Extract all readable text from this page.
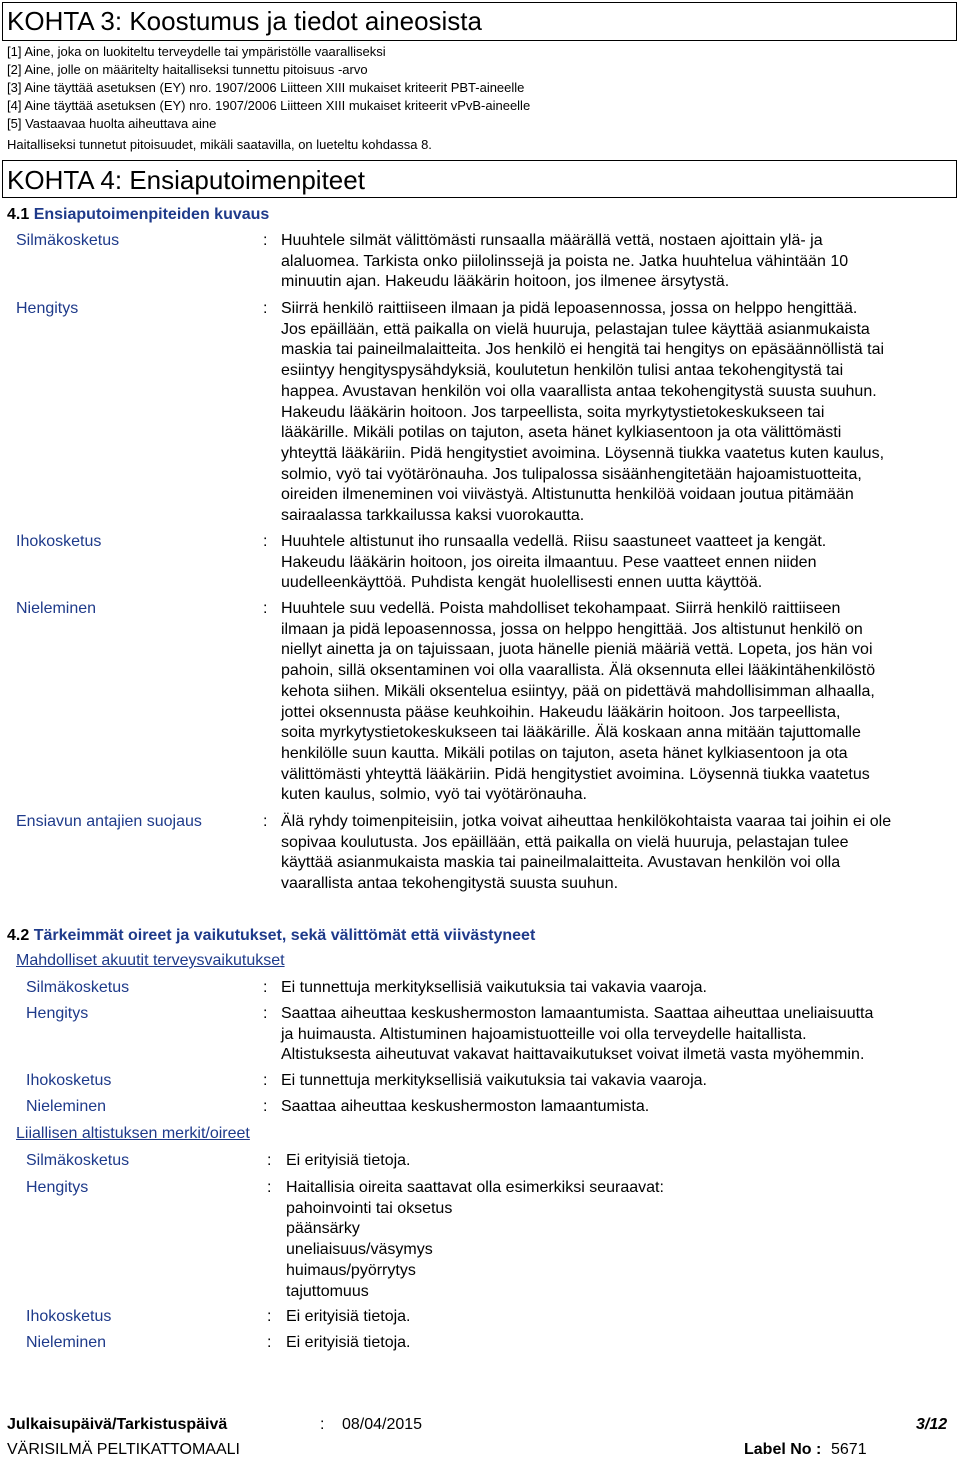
KOHTA 3: Koostumus ja tiedot aineosista
[1] Aine, joka on luokiteltu terveydelle tai ympäristölle vaaralliseksi
[2] Aine, jolle on määritelty haitalliseksi tunnettu pitoisuus -arvo
[3] Aine täyttää asetuksen (EY) nro. 1907/2006 Liitteen XIII mukaiset kriteerit PBT-aineelle
[4] Aine täyttää asetuksen (EY) nro. 1907/2006 Liitteen XIII mukaiset kriteerit vPvB-aineelle
[5] Vastaavaa huolta aiheuttava aine
Haitalliseksi tunnetut pitoisuudet, mikäli saatavilla, on lueteltu kohdassa 8.
KOHTA 4: Ensiaputoimenpiteet
4.1 Ensiaputoimenpiteiden kuvaus
Silmäkosketus	: Huuhtele silmät välittömästi runsaalla määrällä vettä, nostaen ajoittain ylä- ja
alaluomea. Tarkista onko piilolinssejä ja poista ne. Jatka huuhtelua vähintään 10
minuutin ajan. Hakeudu lääkärin hoitoon, jos ilmenee ärsytystä.
Hengitys	: Siirrä henkilö raittiiseen ilmaan ja pidä lepoasennossa, jossa on helppo hengittää.
Jos epäillään, että paikalla on vielä huuruja, pelastajan tulee käyttää asianmukaista
maskia tai paineilmalaitteita. Jos henkilö ei hengitä tai hengitys on epäsäännöllistä tai
esiintyy hengityspysähdyksiä, koulutetun henkilön tulisi antaa tekohengitystä tai
happea. Avustavan henkilön voi olla vaarallista antaa tekohengitystä suusta suuhun.
Hakeudu lääkärin hoitoon. Jos tarpeellista, soita myrkytystietokeskukseen tai
lääkärille. Mikäli potilas on tajuton, aseta hänet kylkiasentoon ja ota välittömästi
yhteyttä lääkäriin. Pidä hengitystiet avoimina. Löysennä tiukka vaatetus kuten kaulus,
solmio, vyö tai vyötärönauha. Jos tulipalossa sisäänhengitetään hajoamistuotteita,
oireiden ilmeneminen voi viivästyä. Altistunutta henkilöä voidaan joutua pitämään
sairaalassa tarkkailussa kaksi vuorokautta.
Ihokosketus	: Huuhtele altistunut iho runsaalla vedellä. Riisu saastuneet vaatteet ja kengät.
Hakeudu lääkärin hoitoon, jos oireita ilmaantuu. Pese vaatteet ennen niiden
uudelleenkäyttöä. Puhdista kengät huolellisesti ennen uutta käyttöä.
Nieleminen	: Huuhtele suu vedellä. Poista mahdolliset tekohampaat. Siirrä henkilö raittiiseen
ilmaan ja pidä lepoasennossa, jossa on helppo hengittää. Jos altistunut henkilö on
niellyt ainetta ja on tajuissaan, juota hänelle pieniä määriä vettä. Lopeta, jos hän voi
pahoin, sillä oksentaminen voi olla vaarallista. Älä oksennuta ellei lääkintähenkilöstö
kehota siihen. Mikäli oksentelua esiintyy, pää on pidettävä mahdollisimman alhaalla,
jottei oksennusta pääse keuhkoihin. Hakeudu lääkärin hoitoon. Jos tarpeellista,
soita myrkytystietokeskukseen tai lääkärille. Älä koskaan anna mitään tajuttomalle
henkilölle suun kautta. Mikäli potilas on tajuton, aseta hänet kylkiasentoon ja ota
välittömästi yhteyttä lääkäriin. Pidä hengitystiet avoimina. Löysennä tiukka vaatetus
kuten kaulus, solmio, vyö tai vyötärönauha.
Ensiavun antajien suojaus	: Älä ryhdy toimenpiteisiin, jotka voivat aiheuttaa henkilökohtaista vaaraa tai joihin ei ole
sopivaa koulutusta. Jos epäillään, että paikalla on vielä huuruja, pelastajan tulee
käyttää asianmukaista maskia tai paineilmalaitteita. Avustavan henkilön voi olla
vaarallista antaa tekohengitystä suusta suuhun.
4.2 Tärkeimmät oireet ja vaikutukset, sekä välittömät että viivästyneet
Mahdolliset akuutit terveysvaikutukset
Silmäkosketus	: Ei tunnettuja merkityksellisiä vaikutuksia tai vakavia vaaroja.
Hengitys	: Saattaa aiheuttaa keskushermoston lamaantumista. Saattaa aiheuttaa uneliaisuutta
ja huimausta. Altistuminen hajoamistuotteille voi olla terveydelle haitallista.
Altistuksesta aiheutuvat vakavat haittavaikutukset voivat ilmetä vasta myöhemmin.
Ihokosketus	: Ei tunnettuja merkityksellisiä vaikutuksia tai vakavia vaaroja.
Nieleminen	: Saattaa aiheuttaa keskushermoston lamaantumista.
Liiallisen altistuksen merkit/oireet
Silmäkosketus	: Ei erityisiä tietoja.
Hengitys	: Haitallisia oireita saattavat olla esimerkiksi seuraavat:
pahoinvointi tai oksetus
päänsärky
uneliaisuus/väsymys
huimaus/pyörrytys
tajuttomuus
Ihokosketus	: Ei erityisiä tietoja.
Nieleminen	: Ei erityisiä tietoja.
Julkaisupäivä/Tarkistuspäivä	: 08/04/2015	3/12
VÄRISILMÄ PELTIKATTOMAALI	Label No : 5671
